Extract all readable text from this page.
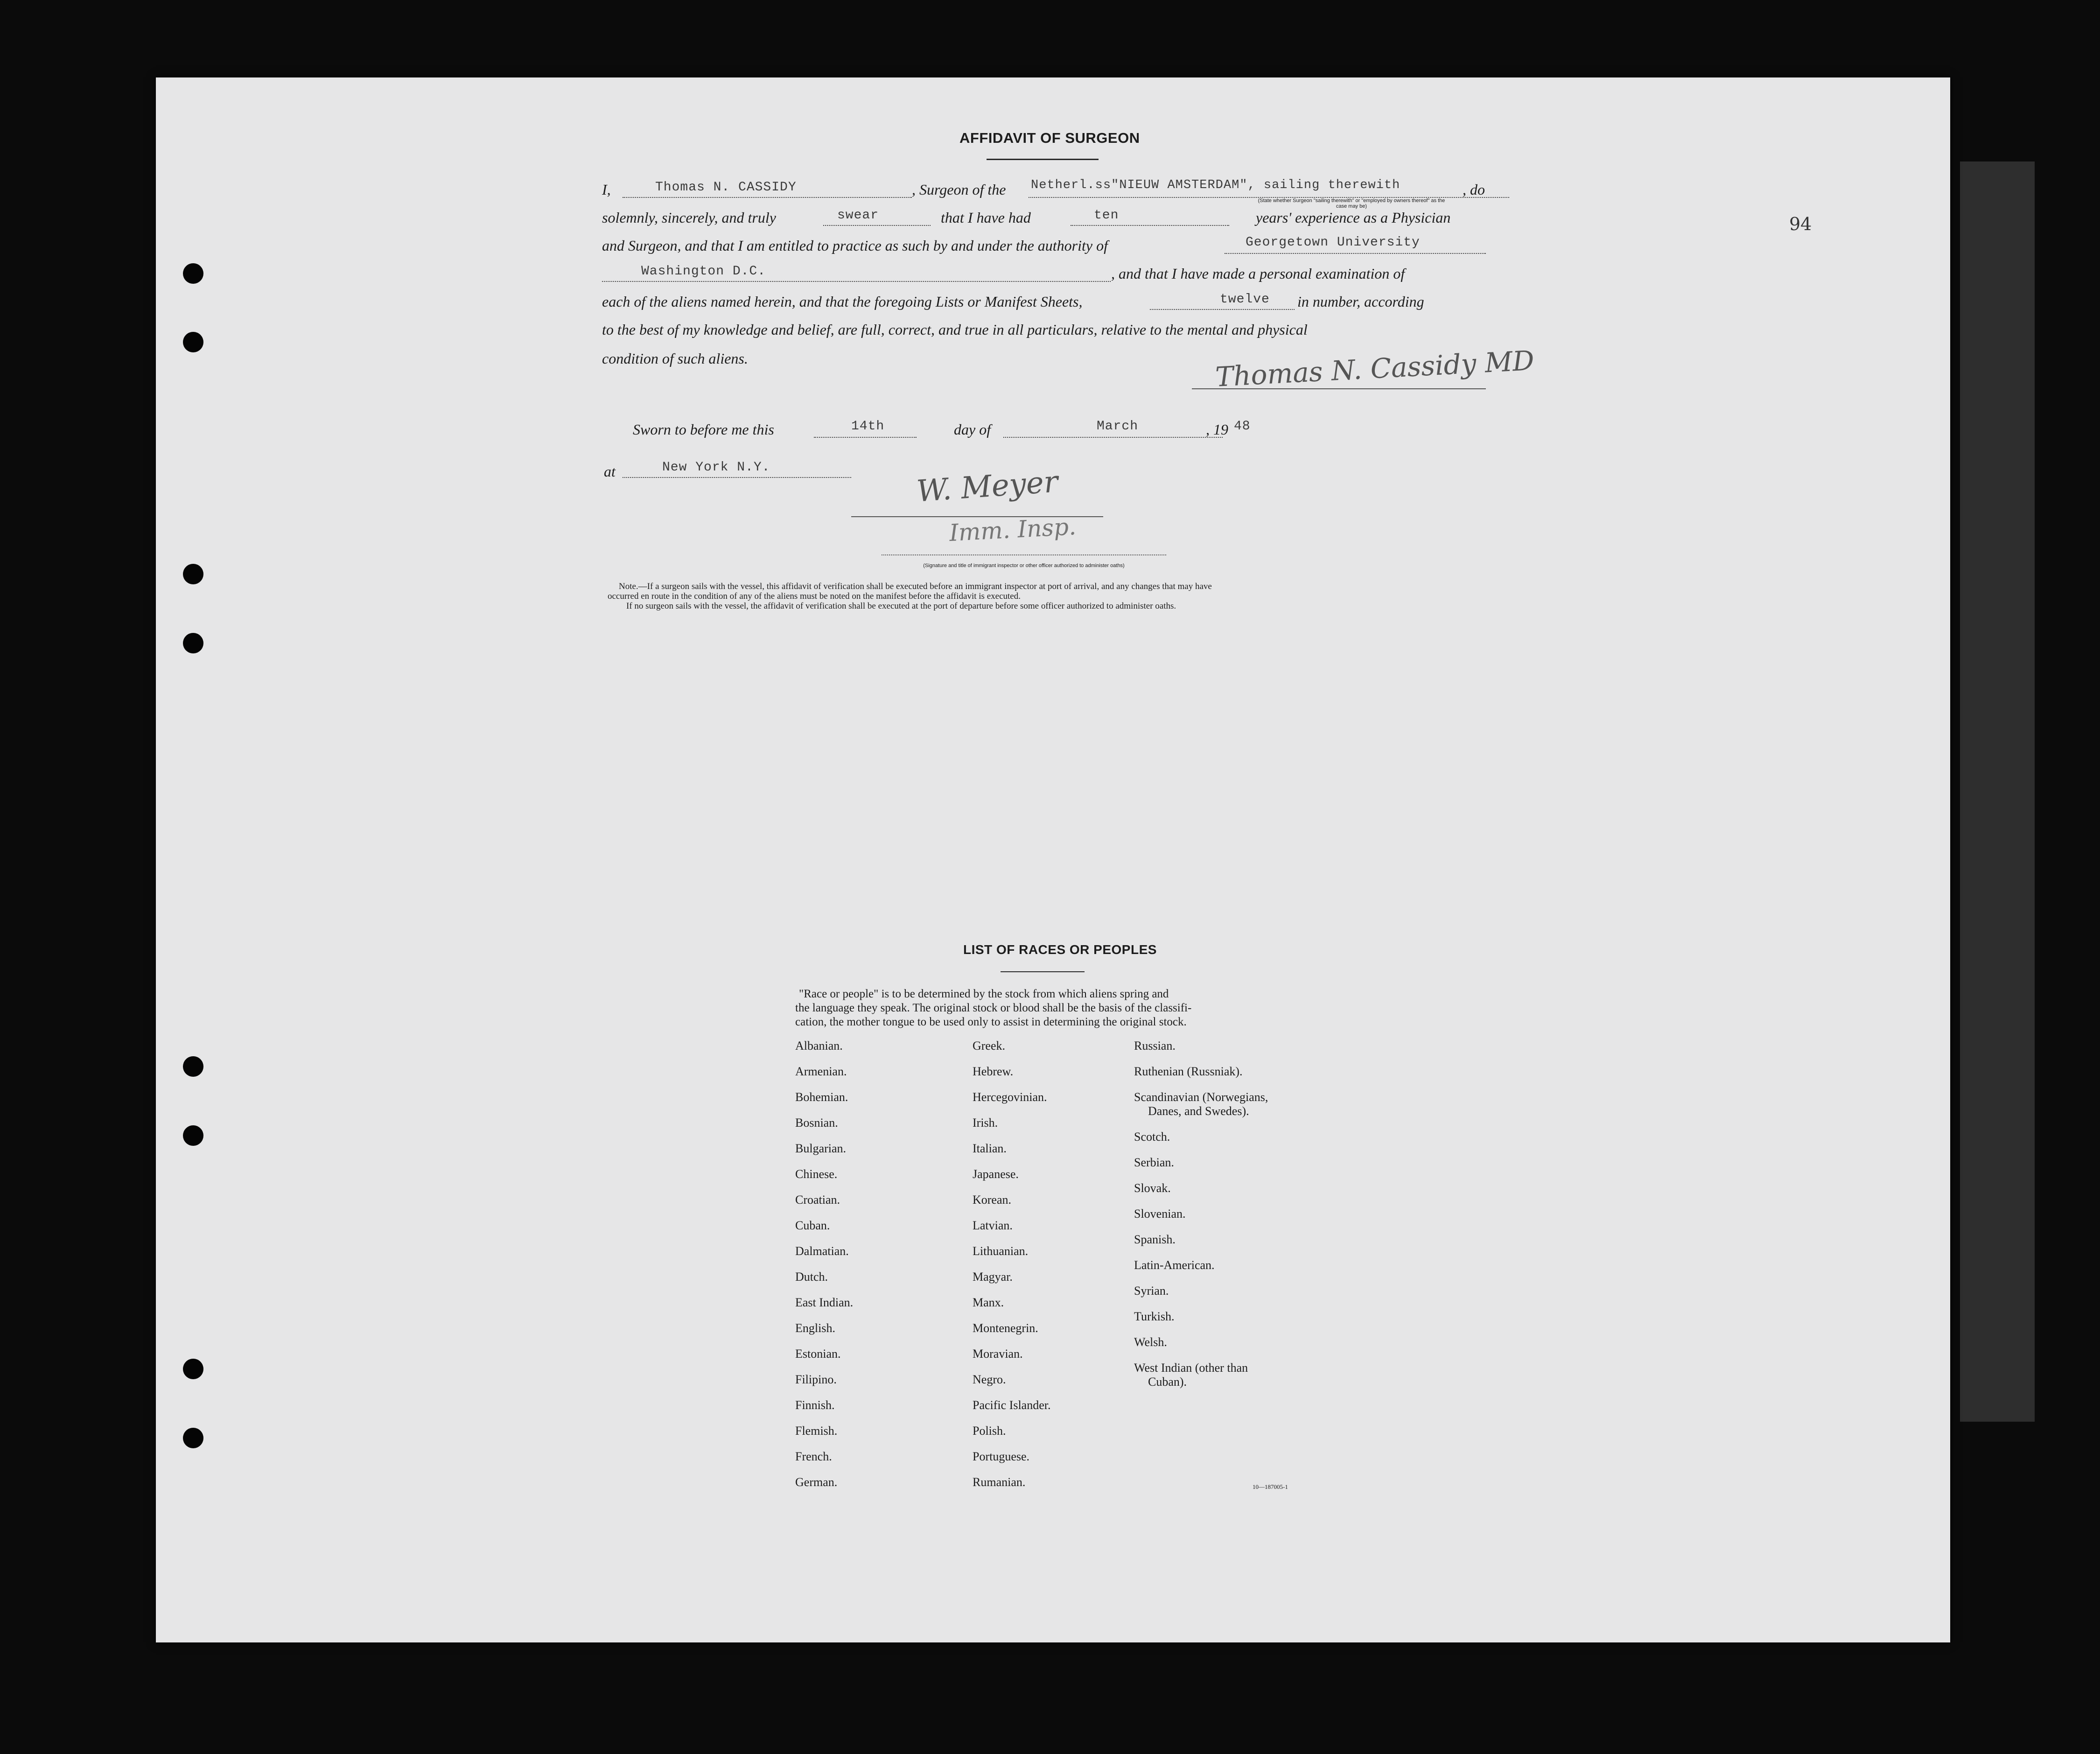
94
AFFIDAVIT OF SURGEON
I,	Thomas N. CASSIDY	, Surgeon of the Netherl.ss"NIEUW AMSTERDAM", sailing therewith	, do
(State whether Surgeon "sailing therewith" or "employed by owners thereof" as the case may be)
solemnly, sincerely, and truly	swear	that I have had	ten	years' experience as a Physician
and Surgeon, and that I am entitled to practice as such by and under the authority of	Georgetown University
Washington D.C.	, and that I have made a personal examination of
each of the aliens named herein, and that the foregoing Lists or Manifest Sheets,	twelve in number, according
to the best of my knowledge and belief, are full, correct, and true in all particulars, relative to the mental and physical
condition of such aliens.	Thomas N. Cassidy MD
Sworn to before me this	14th	day of	March	, 19 48
at	New York N.Y.	W. Meyer
Imm. Insp.
(Signature and title of immigrant inspector or other officer authorized to administer oaths)
Note.—If a surgeon sails with the vessel, this affidavit of verification shall be executed before an immigrant inspector at port of arrival, and any changes that may have
occurred en route in the condition of any of the aliens must be noted on the manifest before the affidavit is executed.
If no surgeon sails with the vessel, the affidavit of verification shall be executed at the port of departure before some officer authorized to administer oaths.
LIST OF RACES OR PEOPLES
"Race or people" is to be determined by the stock from which aliens spring and
the language they speak. The original stock or blood shall be the basis of the classifi-
cation, the mother tongue to be used only to assist in determining the original stock.
Albanian.
Armenian.
Bohemian.
Bosnian.
Bulgarian.
Chinese.
Croatian.
Cuban.
Dalmatian.
Dutch.
East Indian.
English.
Estonian.
Filipino.
Finnish.
Flemish.
French.
German.
Greek.
Hebrew.
Hercegovinian.
Irish.
Italian.
Japanese.
Korean.
Latvian.
Lithuanian.
Magyar.
Manx.
Montenegrin.
Moravian.
Negro.
Pacific Islander.
Polish.
Portuguese.
Rumanian.
Russian.
Ruthenian (Russniak).
Scandinavian (Norwegians,
Danes, and Swedes).
Scotch.
Serbian.
Slovak.
Slovenian.
Spanish.
Latin-American.
Syrian.
Turkish.
Welsh.
West Indian (other than
Cuban).
10—187005-1
